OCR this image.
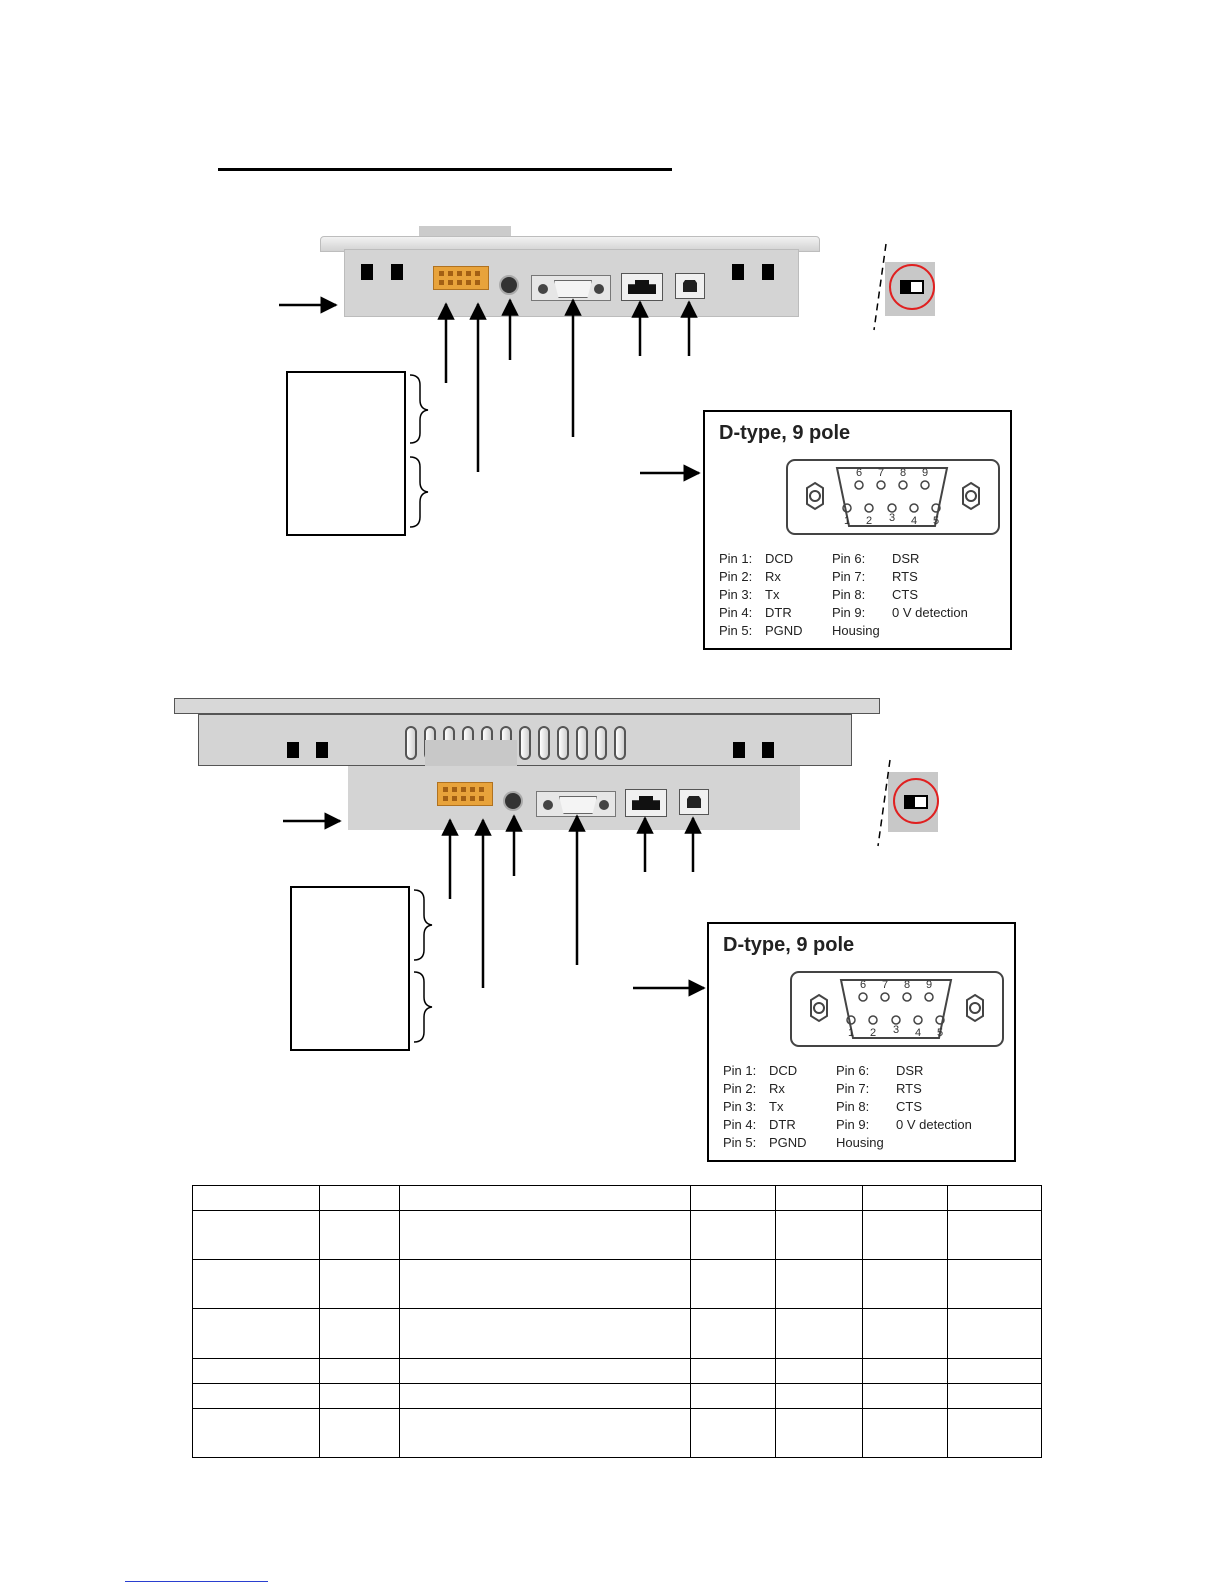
D-type, 9 pole
6 7 8 9
1 2 3 4 5
Pin 1: DCD	Pin 6:	DSR
Pin 2: Rx	Pin 7:	RTS
Pin 3: Tx	Pin 8:	CTS
Pin 4: DTR	Pin 9:	0 V detection
Pin 5: PGND	Housing
D-type, 9 pole
6 7 8 9
1 2 3 4 5
Pin 1: DCD	Pin 6:	DSR
Pin 2: Rx	Pin 7:	RTS
Pin 3: Tx	Pin 8:	CTS
Pin 4: DTR	Pin 9:	0 V detection
Pin 5: PGND	Housing
